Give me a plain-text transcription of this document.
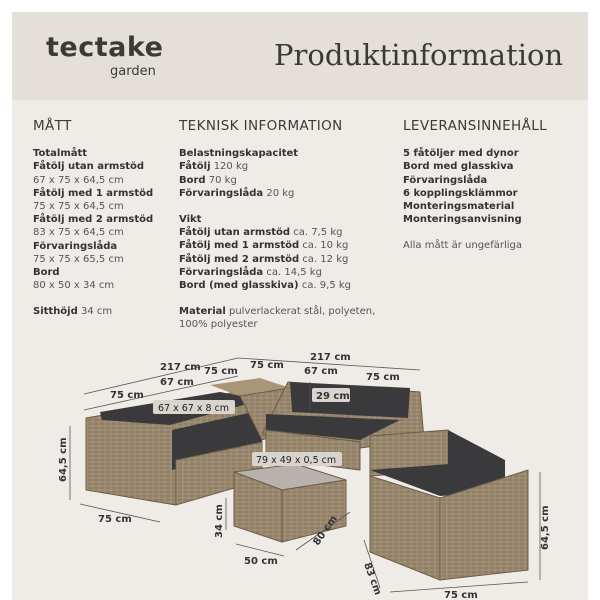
tectake
garden	Produktinformation
MÅTT

Totalmått

Fåtölj utan armstöd

67 x 75 x 64,5 cm

Fåtölj med 1 armstöd

75 x 75 x 64,5 cm

Fåtölj med 2 armstöd

83 x 75 x 64,5 cm

Förvaringslåda

75 x 75 x 65,5 cm

Bord

80 x 50 x 34 cm

Sitthöjd 34 cm

TEKNISK INFORMATION

Belastningskapacitet

Fåtölj 120 kg

Bord 70 kg

Förvaringslåda 20 kg

Vikt

Fåtölj utan armstöd ca. 7,5 kg

Fåtölj med 1 armstöd ca. 10 kg

Fåtölj med 2 armstöd ca. 12 kg

Förvaringslåda ca. 14,5 kg

Bord (med glasskiva) ca. 9,5 kg

Material pulverlackerat stål, polyeten,

100% polyester

LEVERANSINNEHÅLL

5 fåtöljer med dynor

Bord med glasskiva

Förvaringslåda

6 kopplingsklämmor

Monteringsmaterial

Monteringsanvisning

Alla mått är ungefärliga

217 cm
217 cm
75 cm
67 cm
75 cm
75 cm
67 cm
75 cm
67 x 67 x 8 cm
29 cm
64,5 cm
75 cm
79 x 49 x 0,5 cm
34 cm
50 cm
80 cm
83 cm	75 cm
64,5 cm
